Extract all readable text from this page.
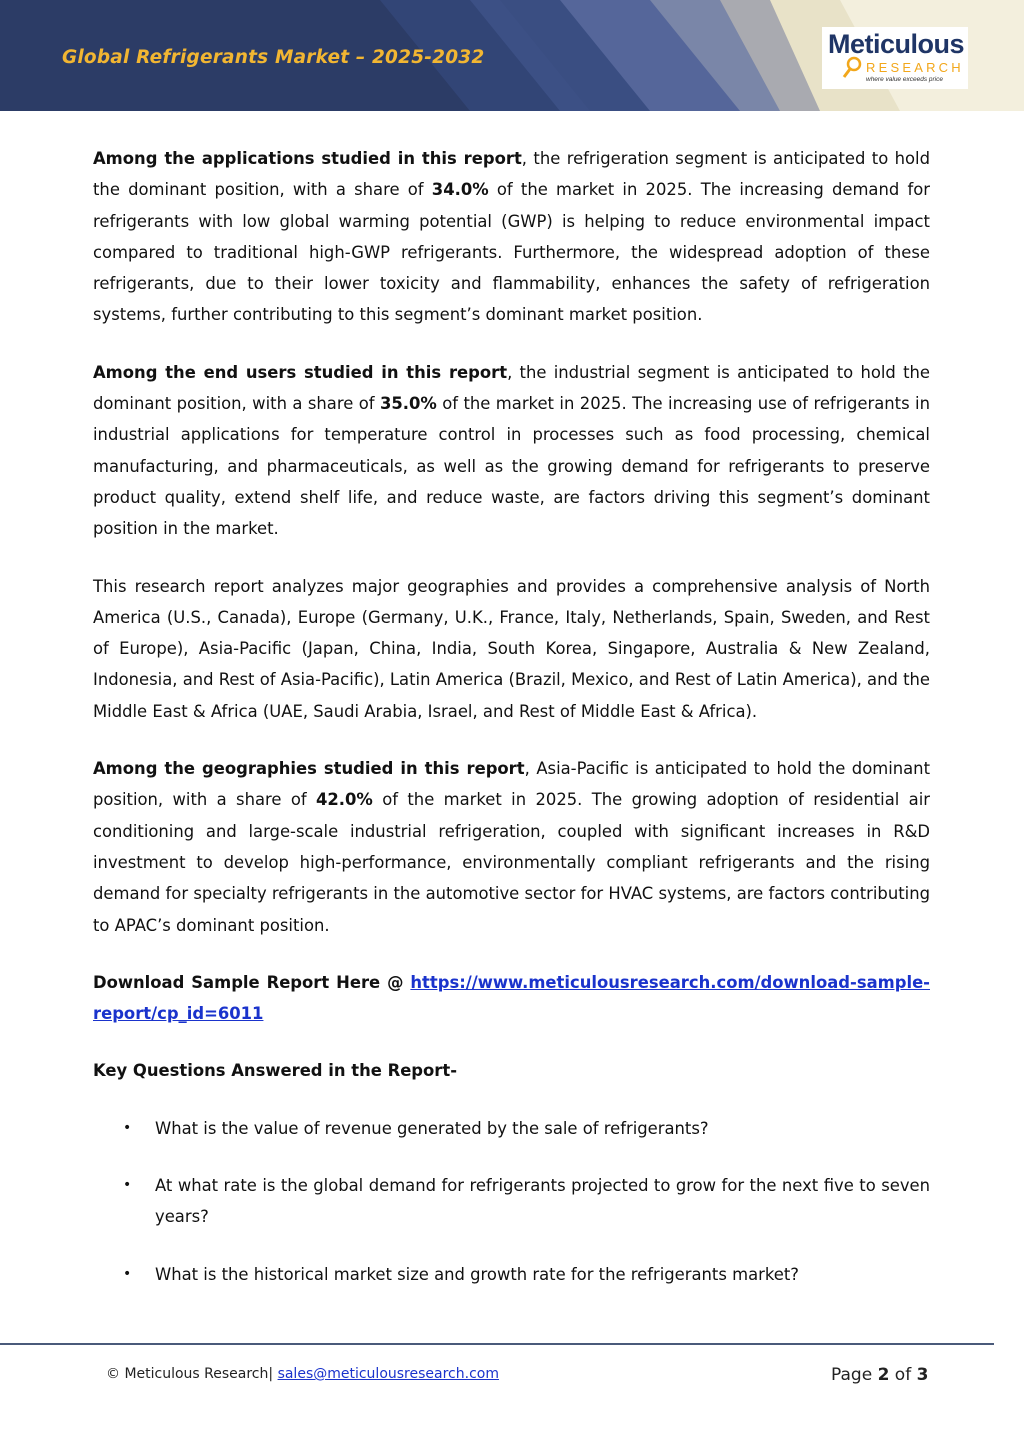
Global Refrigerants Market – 2025-2032	Meticulous
RESEARCH
where value exceeds price

Among the applications studied in this report, the refrigeration segment is anticipated to hold the dominant position, with a share of 34.0% of the market in 2025. The increasing demand for refrigerants with low global warming potential (GWP) is helping to reduce environmental impact compared to traditional high-GWP refrigerants. Furthermore, the widespread adoption of these refrigerants, due to their lower toxicity and flammability, enhances the safety of refrigeration systems, further contributing to this segment’s dominant market position.

Among the end users studied in this report, the industrial segment is anticipated to hold the dominant position, with a share of 35.0% of the market in 2025. The increasing use of refrigerants in industrial applications for temperature control in processes such as food processing, chemical manufacturing, and pharmaceuticals, as well as the growing demand for refrigerants to preserve product quality, extend shelf life, and reduce waste, are factors driving this segment’s dominant position in the market.

This research report analyzes major geographies and provides a comprehensive analysis of North America (U.S., Canada), Europe (Germany, U.K., France, Italy, Netherlands, Spain, Sweden, and Rest of Europe), Asia-Pacific (Japan, China, India, South Korea, Singapore, Australia & New Zealand, Indonesia, and Rest of Asia-Pacific), Latin America (Brazil, Mexico, and Rest of Latin America), and the Middle East & Africa (UAE, Saudi Arabia, Israel, and Rest of Middle East & Africa).

Among the geographies studied in this report, Asia-Pacific is anticipated to hold the dominant position, with a share of 42.0% of the market in 2025. The growing adoption of residential air conditioning and large-scale industrial refrigeration, coupled with significant increases in R&D investment to develop high-performance, environmentally compliant refrigerants and the rising demand for specialty refrigerants in the automotive sector for HVAC systems, are factors contributing to APAC’s dominant position.

Download Sample Report Here @ https://www.meticulousresearch.com/download-sample-report/cp_id=6011

Key Questions Answered in the Report-
• What is the value of revenue generated by the sale of refrigerants?
• At what rate is the global demand for refrigerants projected to grow for the next five to seven years?
• What is the historical market size and growth rate for the refrigerants market?
© Meticulous Research| sales@meticulousresearch.com	Page 2 of 3
